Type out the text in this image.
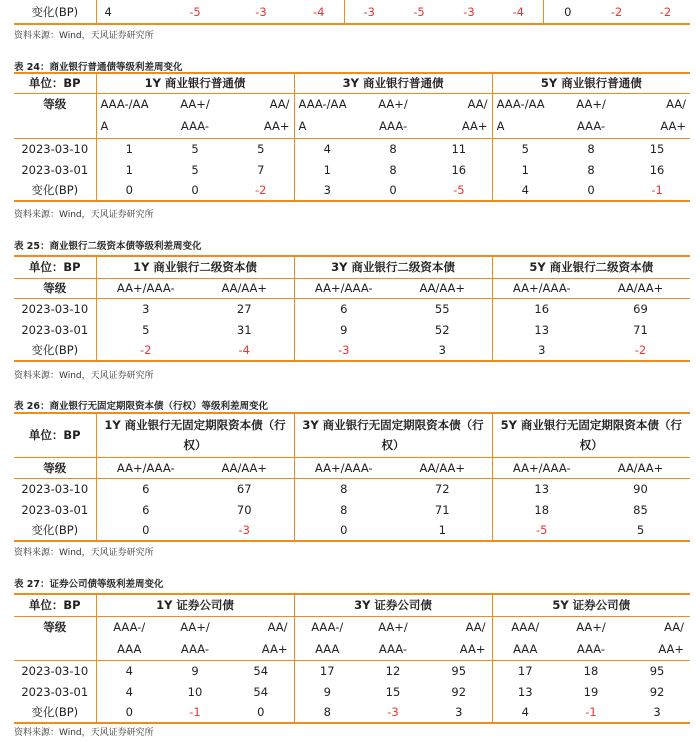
变化(BP)	4	-5	-3	-4	-3	-5	-3	-4	0	-2	-2	
资料来源：Wind，天风证券研究所
表 24：商业银行普通债等级利差周变化
单位：BP	1Y 商业银行普通债			3Y 商业银行普通债			5Y 商业银行普通债		
等级	AAA-/AA	AA+/	AA/	AAA-/AA	AA+/	AA/	AAA-/AA	AA+/	AA/
	A	AAA-	AA+	A	AAA-	AA+	A	AAA-	AA+
2023-03-10	1	5	5	4	8	11	5	8	15
2023-03-01	1	5	7	1	8	16	1	8	16
变化(BP)	0	0	-2	3	0	-5	4	0	-1
资料来源：Wind，天风证券研究所
表 25：商业银行二级资本债等级利差周变化
单位：BP	1Y 商业银行二级资本债		3Y 商业银行二级资本债		5Y 商业银行二级资本债	
等级	AA+/AAA-	AA/AA+	AA+/AAA-	AA/AA+	AA+/AAA-	AA/AA+
2023-03-10	3	27	6	55	16	69
2023-03-01	5	31	9	52	13	71
变化(BP)	-2	-4	-3	3	3	-2
资料来源：Wind，天风证券研究所
表 26：商业银行无固定期限资本债（行权）等级利差周变化
单位：BP	1Y 商业银行无固定期限资本债（行权）		3Y 商业银行无固定期限资本债（行权）		5Y 商业银行无固定期限资本债（行权）	
等级	AA+/AAA-	AA/AA+	AA+/AAA-	AA/AA+	AA+/AAA-	AA/AA+
2023-03-10	6	67	8	72	13	90
2023-03-01	6	70	8	71	18	85
变化(BP)	0	-3	0	1	-5	5
资料来源：Wind，天风证券研究所
表 27：证券公司债等级利差周变化
单位：BP	1Y 证券公司债			3Y 证券公司债			5Y 证券公司债		
等级	AAA-/	AA+/	AA/	AAA-/	AA+/	AA/	AAA/	AA+/	AA/
	AAA	AAA-	AA+	AAA	AAA-	AA+	AAA	AAA-	AA+
2023-03-10	4	9	54	17	12	95	17	18	95
2023-03-01	4	10	54	9	15	92	13	19	92
变化(BP)	0	-1	0	8	-3	3	4	-1	3
资料来源：Wind，天风证券研究所
